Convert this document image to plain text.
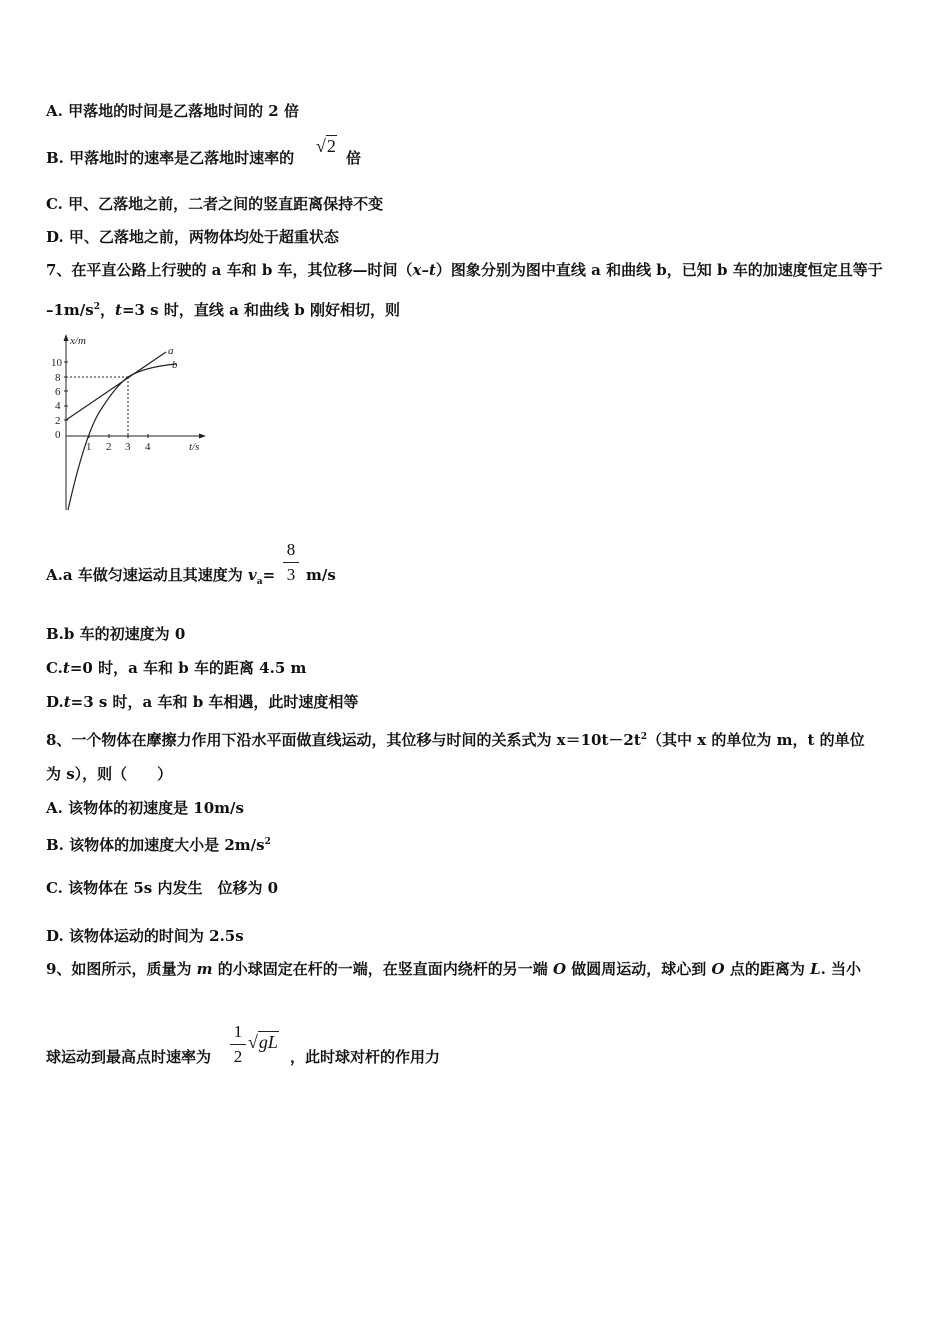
A. 甲落地的时间是乙落地时间的 2 倍
B. 甲落地时的速率是乙落地时速率的
√2
倍
C. 甲、乙落地之前，二者之间的竖直距离保持不变
D. 甲、乙落地之前，两物体均处于超重状态
7、在平直公路上行驶的 a 车和 b 车，其位移—时间（x–t）图象分别为图中直线 a 和曲线 b，已知 b 车的加速度恒定且等于
$-1m/s^2$，t=3 s 时，直线 a 和曲线 b 刚好相切，则
x/m
t/s
10
8
6
4
2
0
1 2 3 4
a
b
A.a 车做匀速运动且其速度为 $v_a=$
8
3 m/s
B.b 车的初速度为 0
C.t=0 时，a 车和 b 车的距离 4.5 m
D.t=3 s 时，a 车和 b 车相遇，此时速度相等
8、一个物体在摩擦力作用下沿水平面做直线运动，其位移与时间的关系式为 $x=10t-2t^2$（其中 x 的单位为 m，t 的单位
为 s），则（　　）
A. 该物体的初速度是 10m/s
B. 该物体的加速度大小是 $2m/s^2$
C. 该物体在 5s 内发生　位移为 0
D. 该物体运动的时间为 2.5s
9、如图所示，质量为 m 的小球固定在杆的一端，在竖直面内绕杆的另一端 O 做圆周运动，球心到 O 点的距离为 L. 当小
球运动到最高点时速率为
1
2
√gL
，此时球对杆的作用力
